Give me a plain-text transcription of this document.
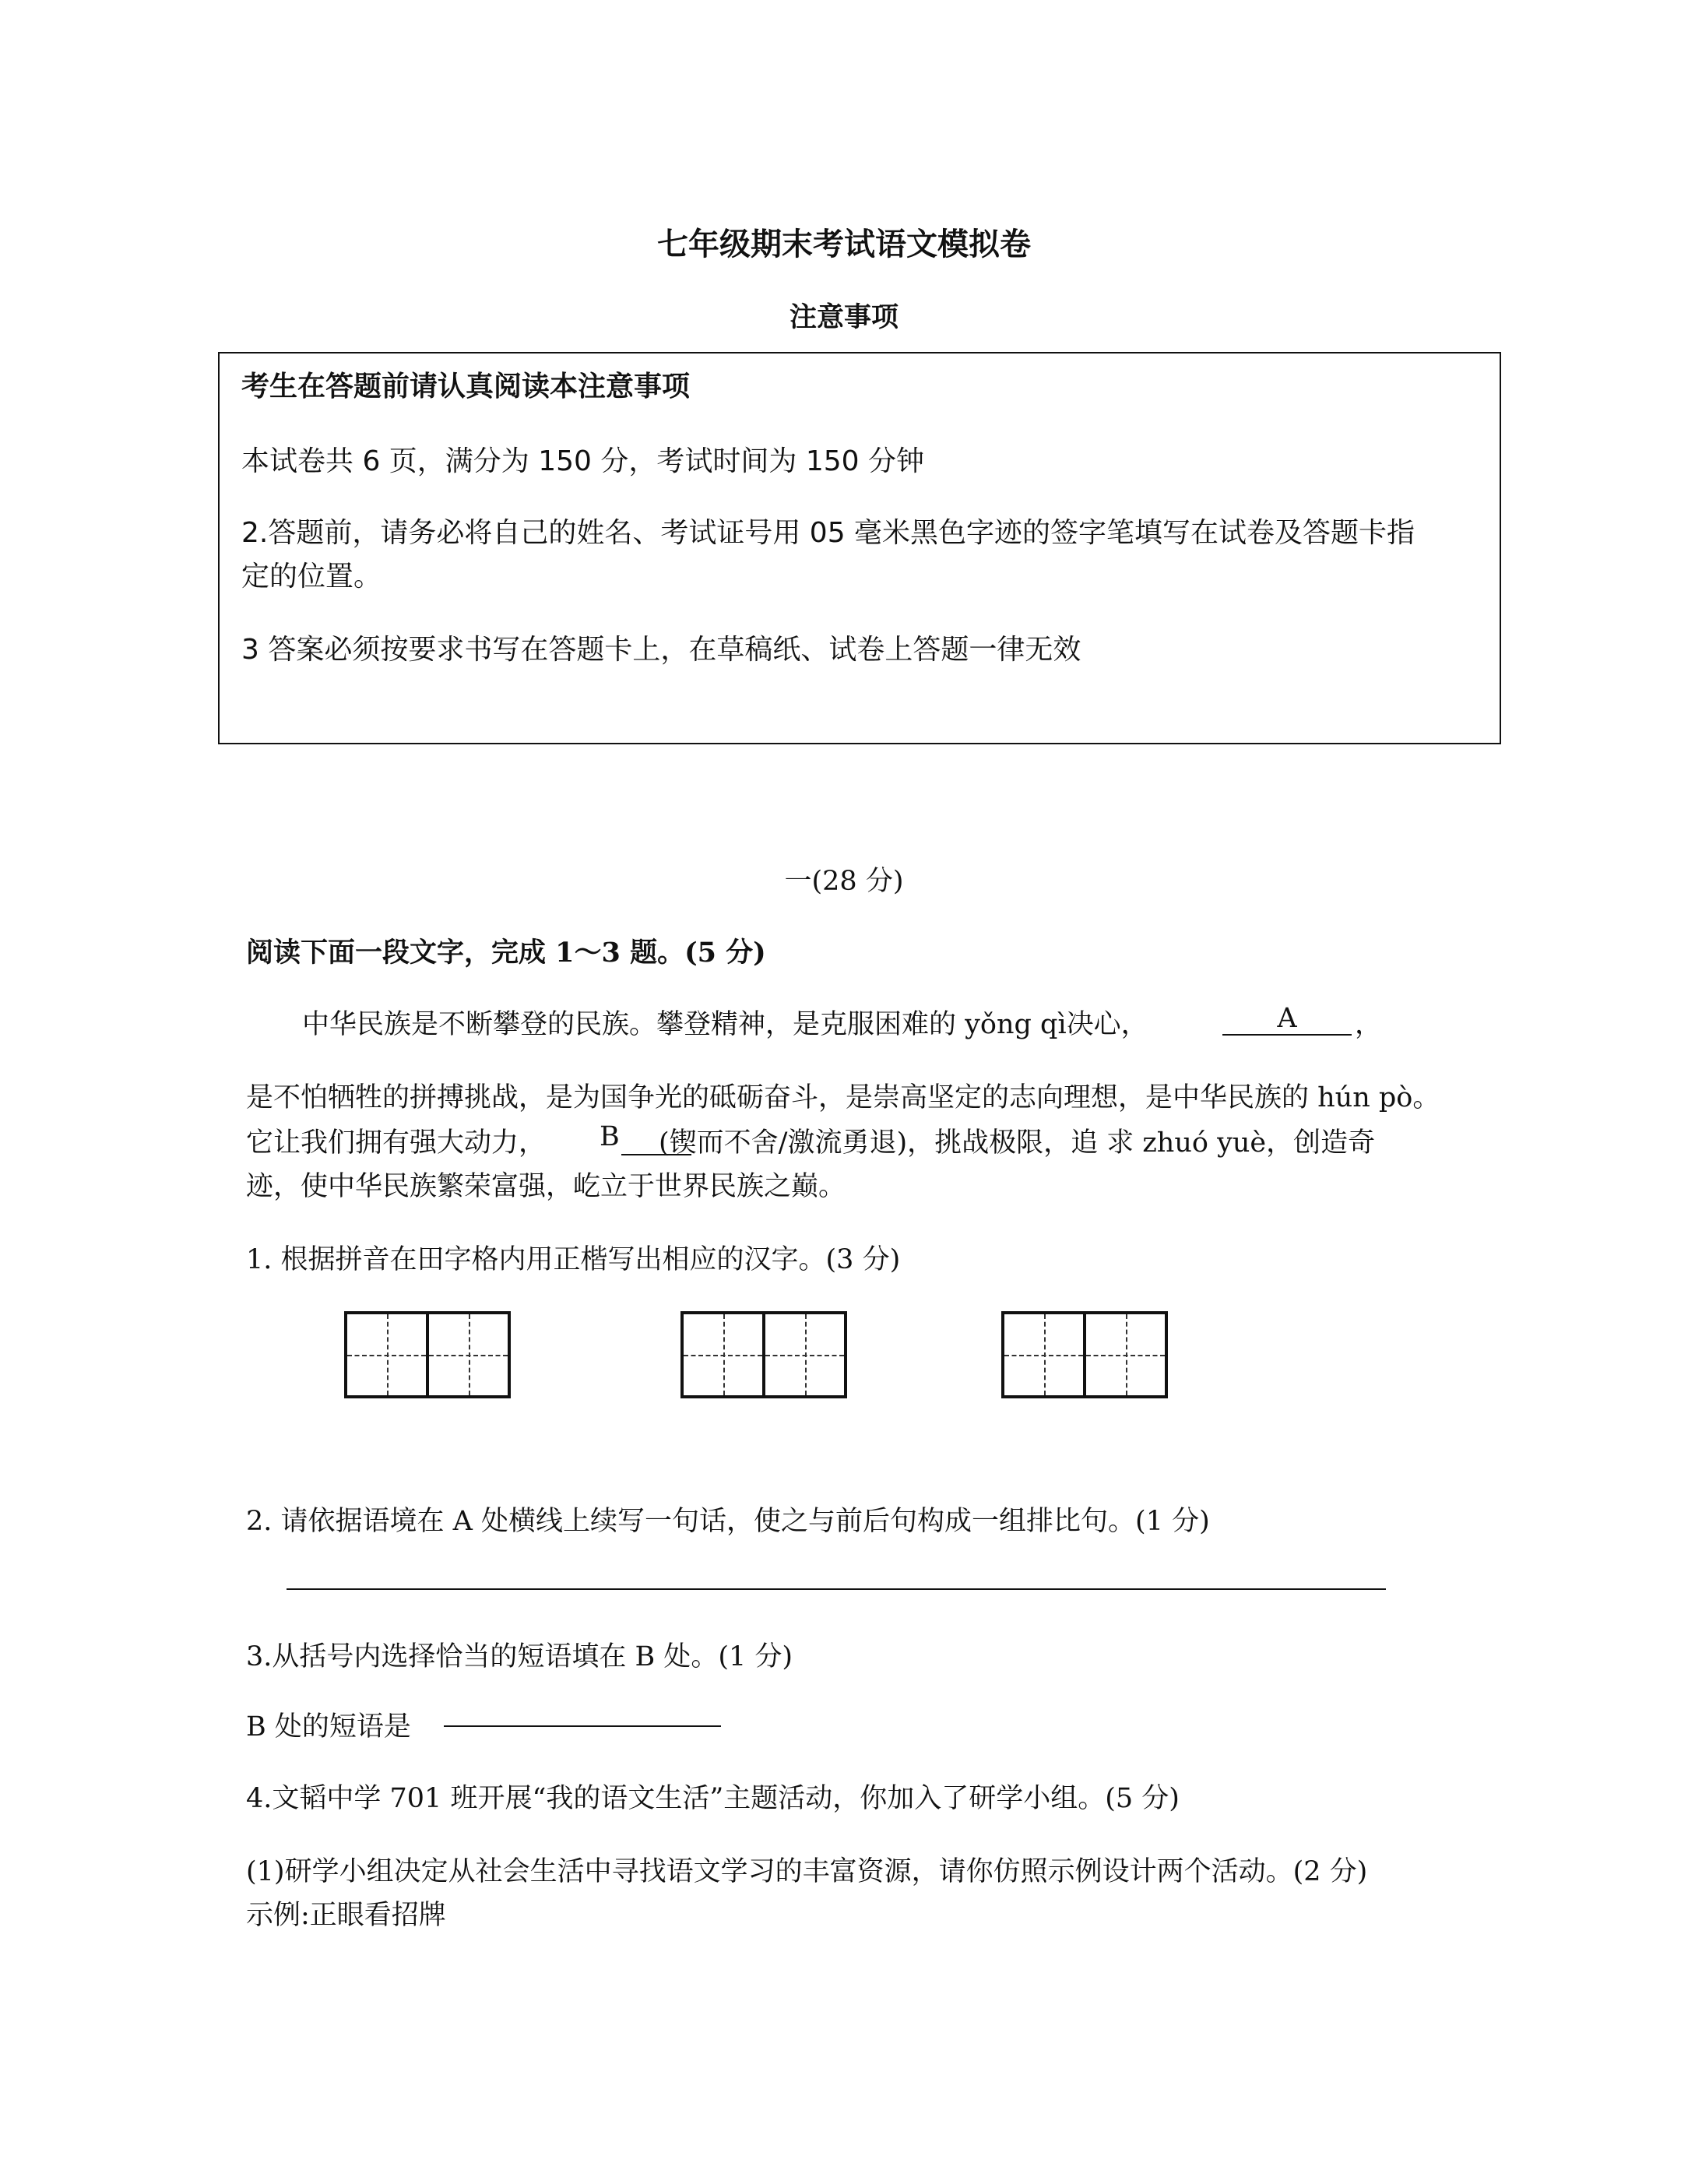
七年级期末考试语文模拟卷
注意事项
考生在答题前请认真阅读本注意事项
本试卷共 6 页，满分为 150 分，考试时间为 150 分钟
2.答题前，请务必将自己的姓名、考试证号用 05 毫米黑色字迹的签字笔填写在试卷及答题卡指
定的位置。
3 答案必须按要求书写在答题卡上，在草稿纸、试卷上答题一律无效
一(28 分)
阅读下面一段文字，完成 1～3 题。(5 分)
中华民族是不断攀登的民族。攀登精神，是克服困难的 yǒng qì决心，	A	，
是不怕牺牲的拼搏挑战，是为国争光的砥砺奋斗，是崇高坚定的志向理想，是中华民族的 hún pò。
它让我们拥有强大动力， B (锲而不舍/激流勇退)，挑战极限，追 求 zhuó yuè，创造奇
迹，使中华民族繁荣富强，屹立于世界民族之巅。
1. 根据拼音在田字格内用正楷写出相应的汉字。(3 分)
2. 请依据语境在 A 处横线上续写一句话，使之与前后句构成一组排比句。(1 分)
3.从括号内选择恰当的短语填在 B 处。(1 分)
B 处的短语是
4.文韬中学 701 班开展“我的语文生活”主题活动，你加入了研学小组。(5 分)
(1)研学小组决定从社会生活中寻找语文学习的丰富资源，请你仿照示例设计两个活动。(2 分)
示例:正眼看招牌
